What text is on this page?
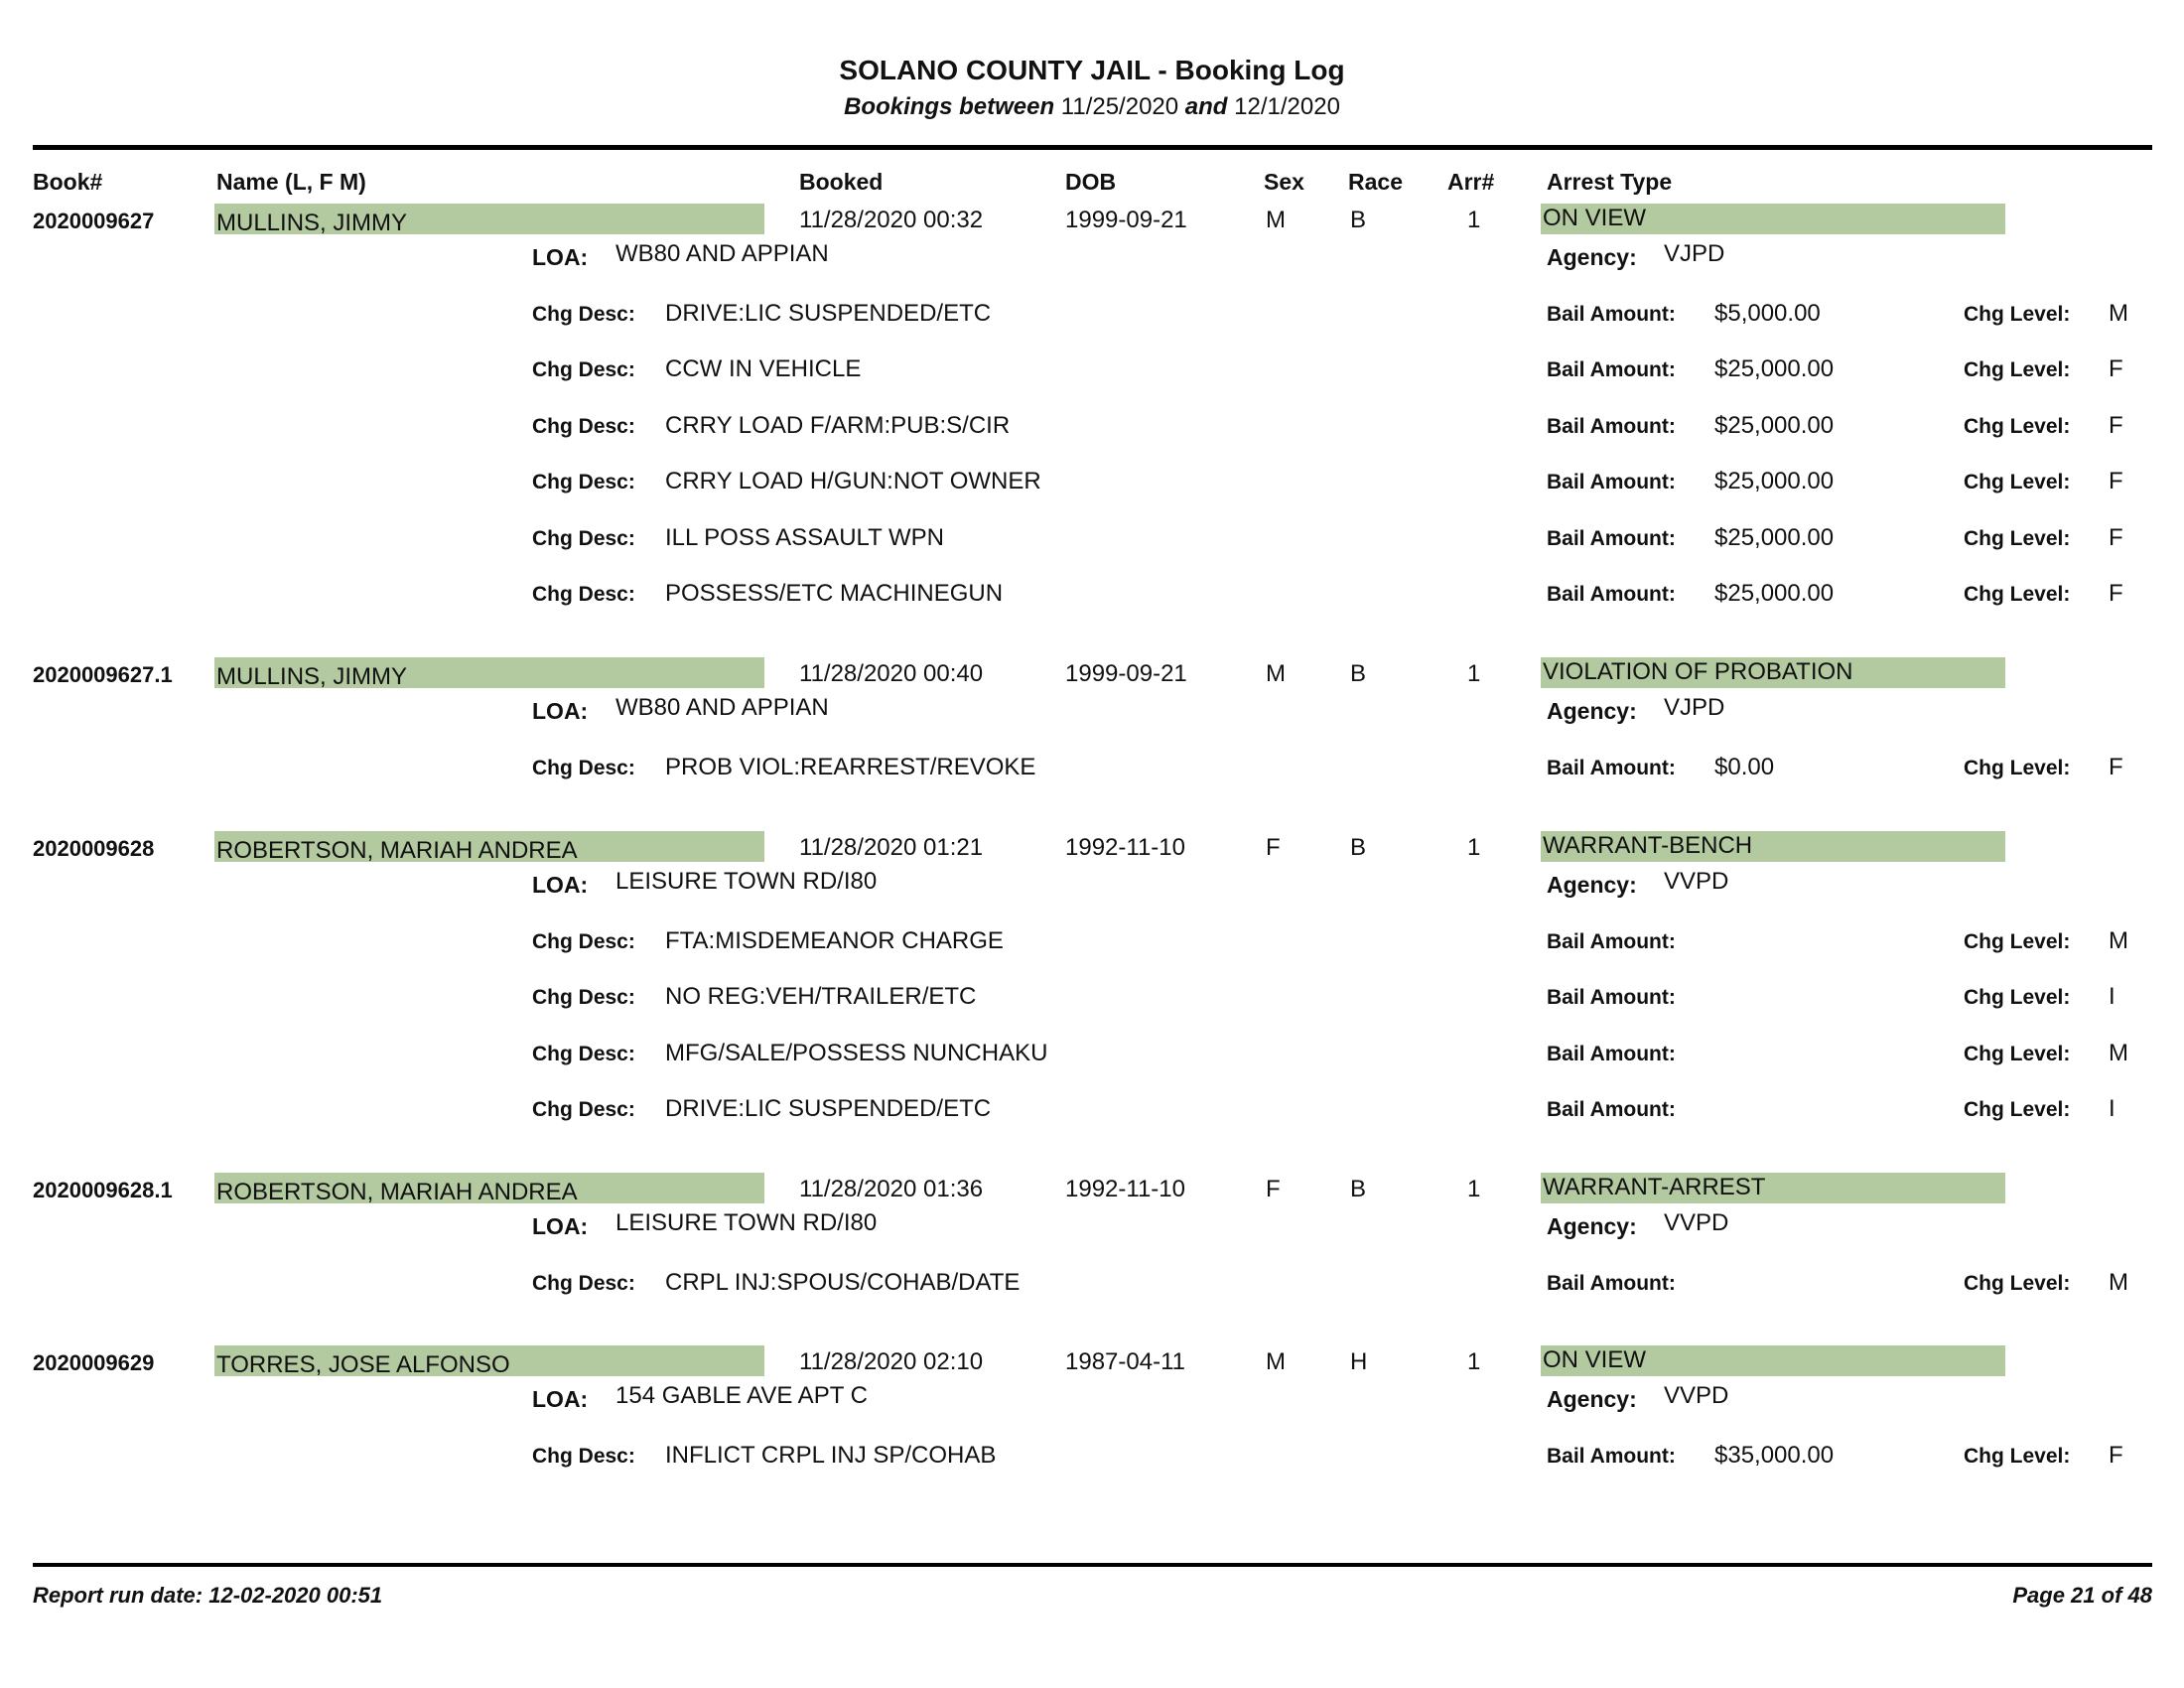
SOLANO COUNTY JAIL - Booking Log
Bookings between 11/25/2020 and 12/1/2020
Book#	Name (L, F M)	Booked	DOB	Sex Race Arr# Arrest Type
2020009627	MULLINS, JIMMY	11/28/2020 00:32	1999-09-21	M	B	1	ON VIEW
LOA: WB80 AND APPIAN	Agency: VJPD
Chg Desc: DRIVE:LIC SUSPENDED/ETC	Bail Amount: $5,000.00	Chg Level: M
Chg Desc: CCW IN VEHICLE	Bail Amount: $25,000.00	Chg Level: F
Chg Desc: CRRY LOAD F/ARM:PUB:S/CIR	Bail Amount: $25,000.00	Chg Level: F
Chg Desc: CRRY LOAD H/GUN:NOT OWNER	Bail Amount: $25,000.00	Chg Level: F
Chg Desc: ILL POSS ASSAULT WPN	Bail Amount: $25,000.00	Chg Level: F
Chg Desc: POSSESS/ETC MACHINEGUN	Bail Amount: $25,000.00	Chg Level: F
2020009627.1 MULLINS, JIMMY	11/28/2020 00:40	1999-09-21	M	B	1	VIOLATION OF PROBATION
LOA: WB80 AND APPIAN	Agency: VJPD
Chg Desc: PROB VIOL:REARREST/REVOKE	Bail Amount: $0.00	Chg Level: F
2020009628	ROBERTSON, MARIAH ANDREA	11/28/2020 01:21	1992-11-10	F	B	1	WARRANT-BENCH
LOA: LEISURE TOWN RD/I80	Agency: VVPD
Chg Desc: FTA:MISDEMEANOR CHARGE	Bail Amount:	Chg Level: M
Chg Desc: NO REG:VEH/TRAILER/ETC	Bail Amount:	Chg Level: I
Chg Desc: MFG/SALE/POSSESS NUNCHAKU	Bail Amount:	Chg Level: M
Chg Desc: DRIVE:LIC SUSPENDED/ETC	Bail Amount:	Chg Level: I
2020009628.1 ROBERTSON, MARIAH ANDREA	11/28/2020 01:36	1992-11-10	F	B	1	WARRANT-ARREST
LOA: LEISURE TOWN RD/I80	Agency: VVPD
Chg Desc: CRPL INJ:SPOUS/COHAB/DATE	Bail Amount:	Chg Level: M
2020009629	TORRES, JOSE ALFONSO	11/28/2020 02:10	1987-04-11	M	H	1	ON VIEW
LOA: 154 GABLE AVE APT C	Agency: VVPD
Chg Desc: INFLICT CRPL INJ SP/COHAB	Bail Amount: $35,000.00	Chg Level: F
Report run date: 12-02-2020 00:51	Page 21 of 48
